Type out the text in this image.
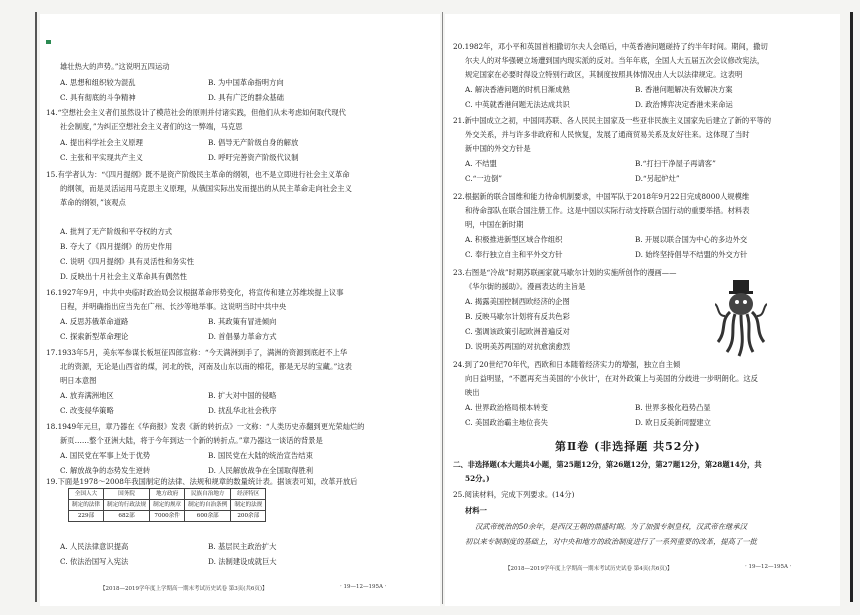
雄壮热大的声势。”这说明五四运动
A. 思想和组织较为混乱	B. 为中国革命指明方向
C. 具有彻底的斗争精神	D. 具有广泛的群众基础
14.“空想社会主义者们虽然设计了模范社会的原则并付诸实践，但他们从未考虑如何取代现代
社会制度，”为纠正空想社会主义者们的这一弊端，马克思
A. 提出科学社会主义原理	B. 倡导无产阶级自身的解放
C. 主张和平实现共产主义	D. 呼吁完善资产阶级代议制
15.有学者认为：“《四月提纲》既不是资产阶级民主革命的纲领，也不是立即进行社会主义革命
的纲领，而是灵活运用马克思主义原理，从俄国实际出发而提出的从民主革命走向社会主义
革命的纲领，”该观点
A. 批判了无产阶级和平夺权的方式
B. 夺大了《四月提纲》的历史作用
C. 说明《四月提纲》具有灵活性和务实性
D. 反映出十月社会主义革命具有偶然性
16.1927年9月，中共中央临时政治局会议根据革命形势变化，将宣传和建立苏维埃提上议事
日程，并明确指出应当先在广州、长沙等地举事。这说明当时中共中央
A. 反思苏俄革命道路	B. 其政策有冒进倾向
C. 探索新型革命理论	D. 首倡暴力革命方式
17.1933年5月，美东军参谋长板垣征四郎宣称：“今天满洲到手了，满洲的资源到底赶不上华
北的资源，无论是山西省的煤，河北的铁，河南及山东以南的棉花，都是无尽的宝藏。”这表
明日本意图
A. 放弃满洲地区	B. 扩大对中国的侵略
C. 改变侵华策略	D. 扰乱华北社会秩序
18.1949年元旦，章乃器在《华商报》发表《新的转折点》一文称：“人类历史赤翻到更光荣灿烂的
新页……整个亚洲大陆，将于今年到达一个新的转折点。”章乃器这一谈话的背景是
A. 国民党在军事上处于优势	B. 国民党在大陆的统治宣告结束
C. 解放战争的态势发生逆转	D. 人民解放战争在全国取得胜利
全国人大	国务院	地方政府	民族自治地方	经济特区
制定的法律	制定的行政法规	制定的规章	制定的自治条例	制定的法规
229部	682部	7000余件	600余部	200余部
19.下面是1978～2008年我国制定的法律、法规和规章的数量统计表。据该表可知，改革开放后
A. 人民法律意识提高	B. 基层民主政治扩大
C. 依法治国写入宪法	D. 法制建设成就巨大
【2018—2019学年度上学期高一期末考试历史试卷 第3页(共6页)】	· 19—12—195A ·
20.1982年，邓小平和英国首相撒切尔夫人会晤后，中英香港问题磋持了约半年时间。期间，撒切
尔夫人的对华强硬立场遭到国内现实派的反对。当年年底，全国人大五届五次会议修改宪法，
规定国家在必要时得设立特别行政区，其制度按照具体情况由人大以法律规定。这表明
A. 解决香港问题的时机日渐成熟	B. 香港问题解决有效解决方案
C. 中英就香港问题无法达成共识	D. 政治博弈决定香港未来命运
21.新中国成立之初，中国同苏联、各人民民主国家及一些亚非民族主义国家先后建立了新的平等的
外交关系，并与许多非政府和人民恢复，发展了通商贸易关系及友好往来。这体现了当时
新中国的外交方针是
A. 不结盟	B.“打扫干净屋子再请客”
C.“一边倒”	D.“另起炉灶”
22.根据新的联合国维和能力待命机制要求，中国军队于2018年9月22日完成8000人规模维
和待命部队在联合国注册工作。这是中国以实际行动支持联合国行动的重要举措。材料表
明，中国在新时期
A. 积极推进新型区域合作组织	B. 开展以联合国为中心的多边外交
C. 奉行独立自主和平外交方针	D. 始终坚持倡导不结盟的外交方针
23.右图是“冷战”时期苏联画家就马歇尔计划的实施所创作的漫画——
《华尔街的援助》。漫画表达的主旨是
A. 揭露美国控制西欧经济的企图
B. 反映马歇尔计划将有反共色彩
C. 强调该政策引起欧洲普遍反对
D. 说明美苏两国的对抗愈演愈烈
24.到了20世纪70年代，西欧和日本随着经济实力的增强，独立自主倾
向日益明显，“不愿再充当美国的‘小伙计’，在对外政策上与美国的分歧进一步明朗化。这反
映出
A. 世界政治格局根本转变	B. 世界多极化趋势凸显
C. 美国政治霸主地位丧失	D. 欧日反美新同盟建立
第Ⅱ卷 (非选择题 共52分)
二、非选择题(本大题共4小题，第25题12分，第26题12分，第27题12分，第28题14分，共
52分。)
25.阅读材料，完成下列要求。(14分)
材料一
汉武帝统治的50余年，是西汉王朝的鼎盛时期。为了加强专制皇权，汉武帝在继承汉
初以来专制制度的基础上，对中央和地方的政治制度进行了一系列重要的改革，提高了一批
【2018—2019学年度上学期高一期末考试历史试卷 第4页(共6页)】	· 19—12—195A ·
